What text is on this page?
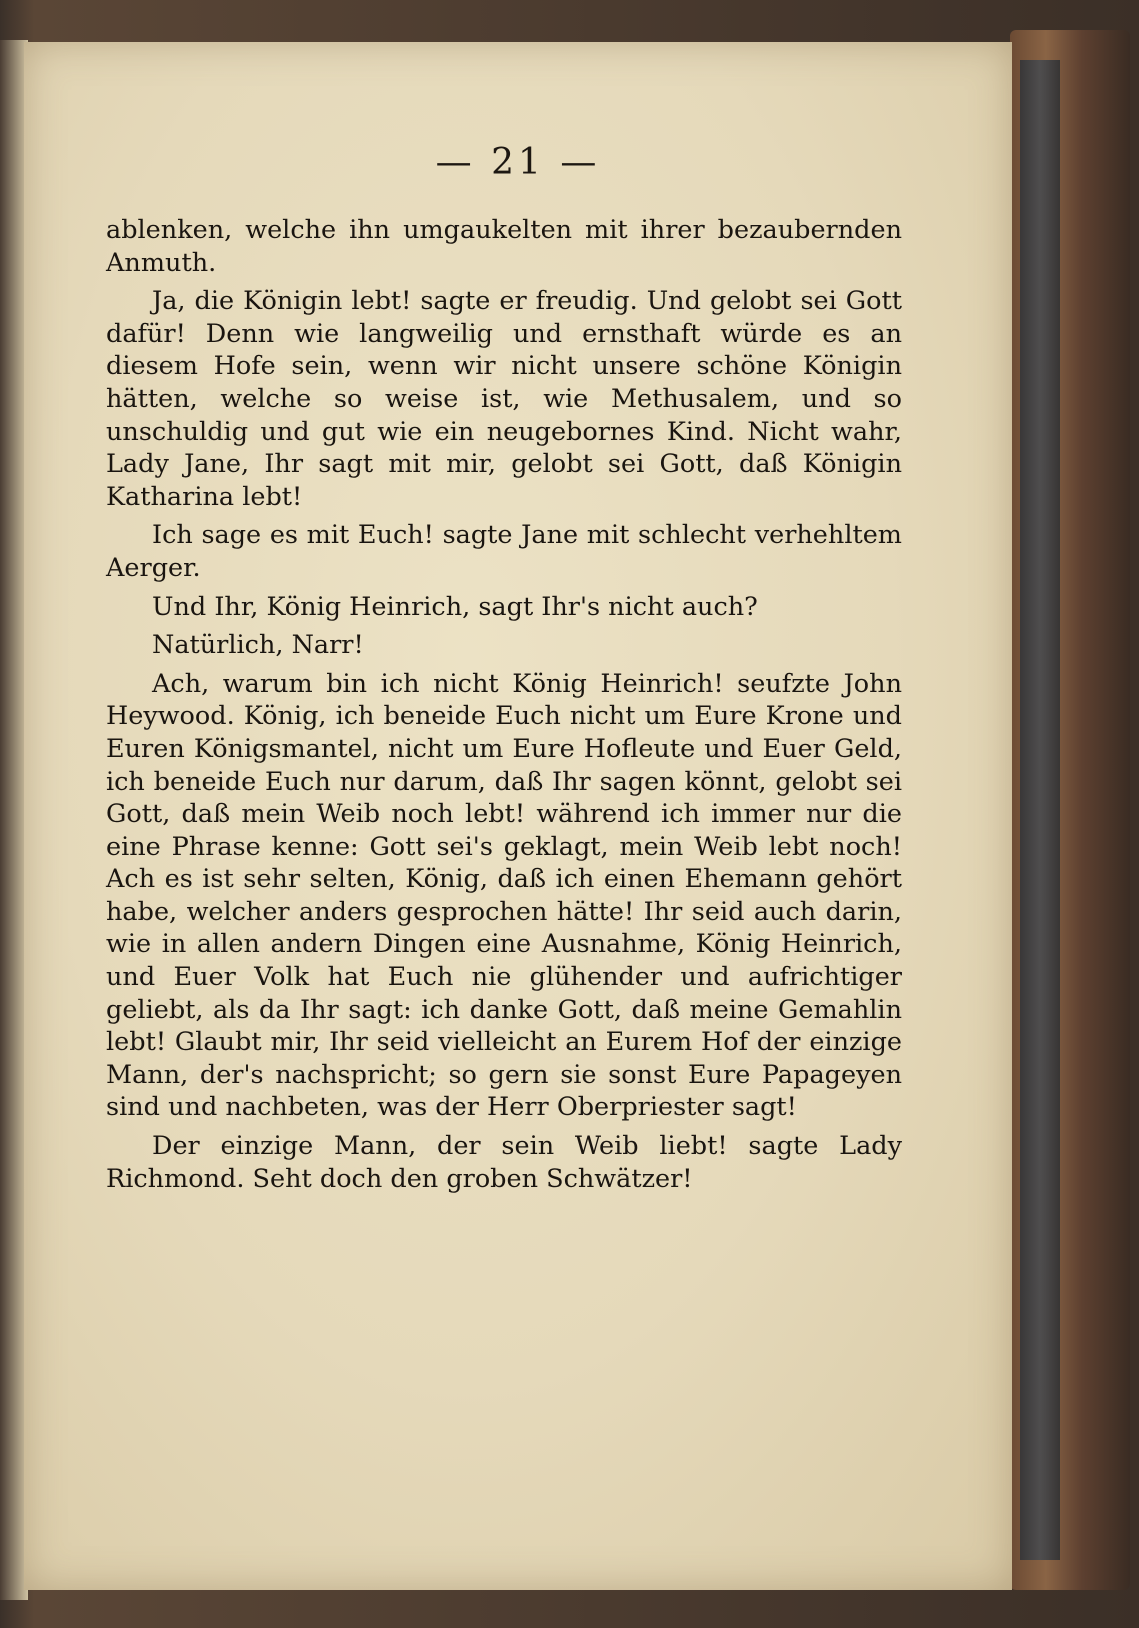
— 21 —

ablenken, welche ihn umgaukelten mit ihrer bezaubernden Anmuth.

Ja, die Königin lebt! sagte er freudig. Und gelobt sei Gott dafür! Denn wie langweilig und ernsthaft würde es an diesem Hofe sein, wenn wir nicht unsere schöne Königin hätten, welche so weise ist, wie Methusalem, und so unschuldig und gut wie ein neugebornes Kind. Nicht wahr, Lady Jane, Ihr sagt mit mir, gelobt sei Gott, daß Königin Katharina lebt!

Ich sage es mit Euch! sagte Jane mit schlecht verhehltem Aerger.

Und Ihr, König Heinrich, sagt Ihr's nicht auch?

Natürlich, Narr!

Ach, warum bin ich nicht König Heinrich! seufzte John Heywood. König, ich beneide Euch nicht um Eure Krone und Euren Königsmantel, nicht um Eure Hofleute und Euer Geld, ich beneide Euch nur darum, daß Ihr sagen könnt, gelobt sei Gott, daß mein Weib noch lebt! während ich immer nur die eine Phrase kenne: Gott sei's geklagt, mein Weib lebt noch! Ach es ist sehr selten, König, daß ich einen Ehemann gehört habe, welcher anders gesprochen hätte! Ihr seid auch darin, wie in allen andern Dingen eine Ausnahme, König Heinrich, und Euer Volk hat Euch nie glühender und aufrichtiger geliebt, als da Ihr sagt: ich danke Gott, daß meine Gemahlin lebt! Glaubt mir, Ihr seid vielleicht an Eurem Hof der einzige Mann, der's nachspricht; so gern sie sonst Eure Papageyen sind und nachbeten, was der Herr Oberpriester sagt!

Der einzige Mann, der sein Weib liebt! sagte Lady Richmond. Seht doch den groben Schwätzer!
